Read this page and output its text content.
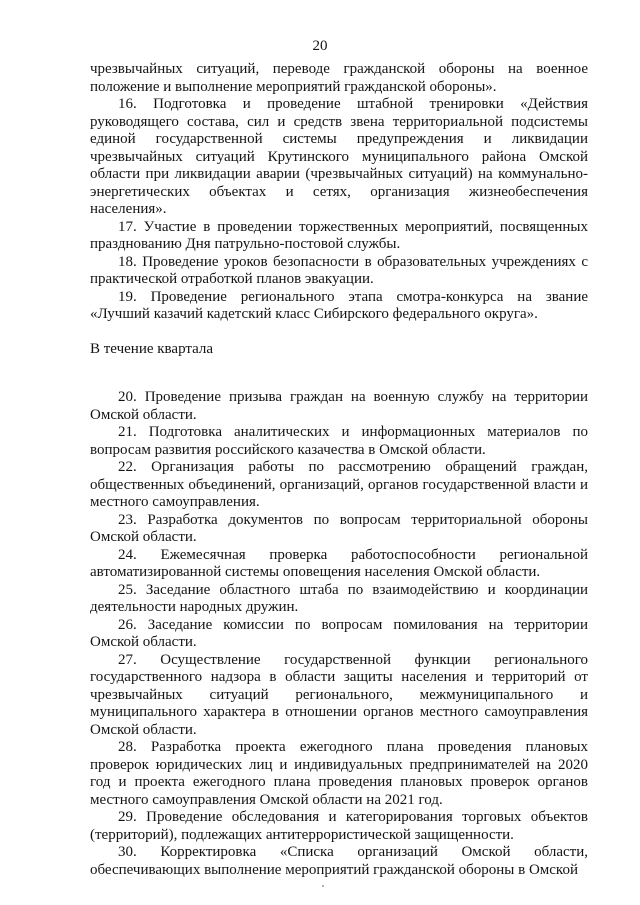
20

чрезвычайных ситуаций, переводе гражданской обороны на военное положение и выполнение мероприятий гражданской обороны».

16. Подготовка и проведение штабной тренировки «Действия руководящего состава, сил и средств звена территориальной подсистемы единой государственной системы предупреждения и ликвидации чрезвычайных ситуаций Крутинского муниципального района Омской области при ликвидации аварии (чрезвычайных ситуаций) на коммунально-энергетических объектах и сетях, организация жизнеобеспечения населения».

17. Участие в проведении торжественных мероприятий, посвященных празднованию Дня патрульно-постовой службы.

18. Проведение уроков безопасности в образовательных учреждениях с практической отработкой планов эвакуации.

19. Проведение регионального этапа смотра-конкурса на звание «Лучший казачий кадетский класс Сибирского федерального округа».

В течение квартала

20. Проведение призыва граждан на военную службу на территории Омской области.

21. Подготовка аналитических и информационных материалов по вопросам развития российского казачества в Омской области.

22. Организация работы по рассмотрению обращений граждан, общественных объединений, организаций, органов государственной власти и местного самоуправления.

23. Разработка документов по вопросам территориальной обороны Омской области.

24. Ежемесячная проверка работоспособности региональной автоматизированной системы оповещения населения Омской области.

25. Заседание областного штаба по взаимодействию и координации деятельности народных дружин.

26. Заседание комиссии по вопросам помилования на территории Омской области.

27. Осуществление государственной функции регионального государственного надзора в области защиты населения и территорий от чрезвычайных ситуаций регионального, межмуниципального и муниципального характера в отношении органов местного самоуправления Омской области.

28. Разработка проекта ежегодного плана проведения плановых проверок юридических лиц и индивидуальных предпринимателей на 2020 год и проекта ежегодного плана проведения плановых проверок органов местного самоуправления Омской области на 2021 год.

29. Проведение обследования и категорирования торговых объектов (территорий), подлежащих антитеррористической защищенности.

30. Корректировка «Списка организаций Омской области, обеспечивающих выполнение мероприятий гражданской обороны в Омской
